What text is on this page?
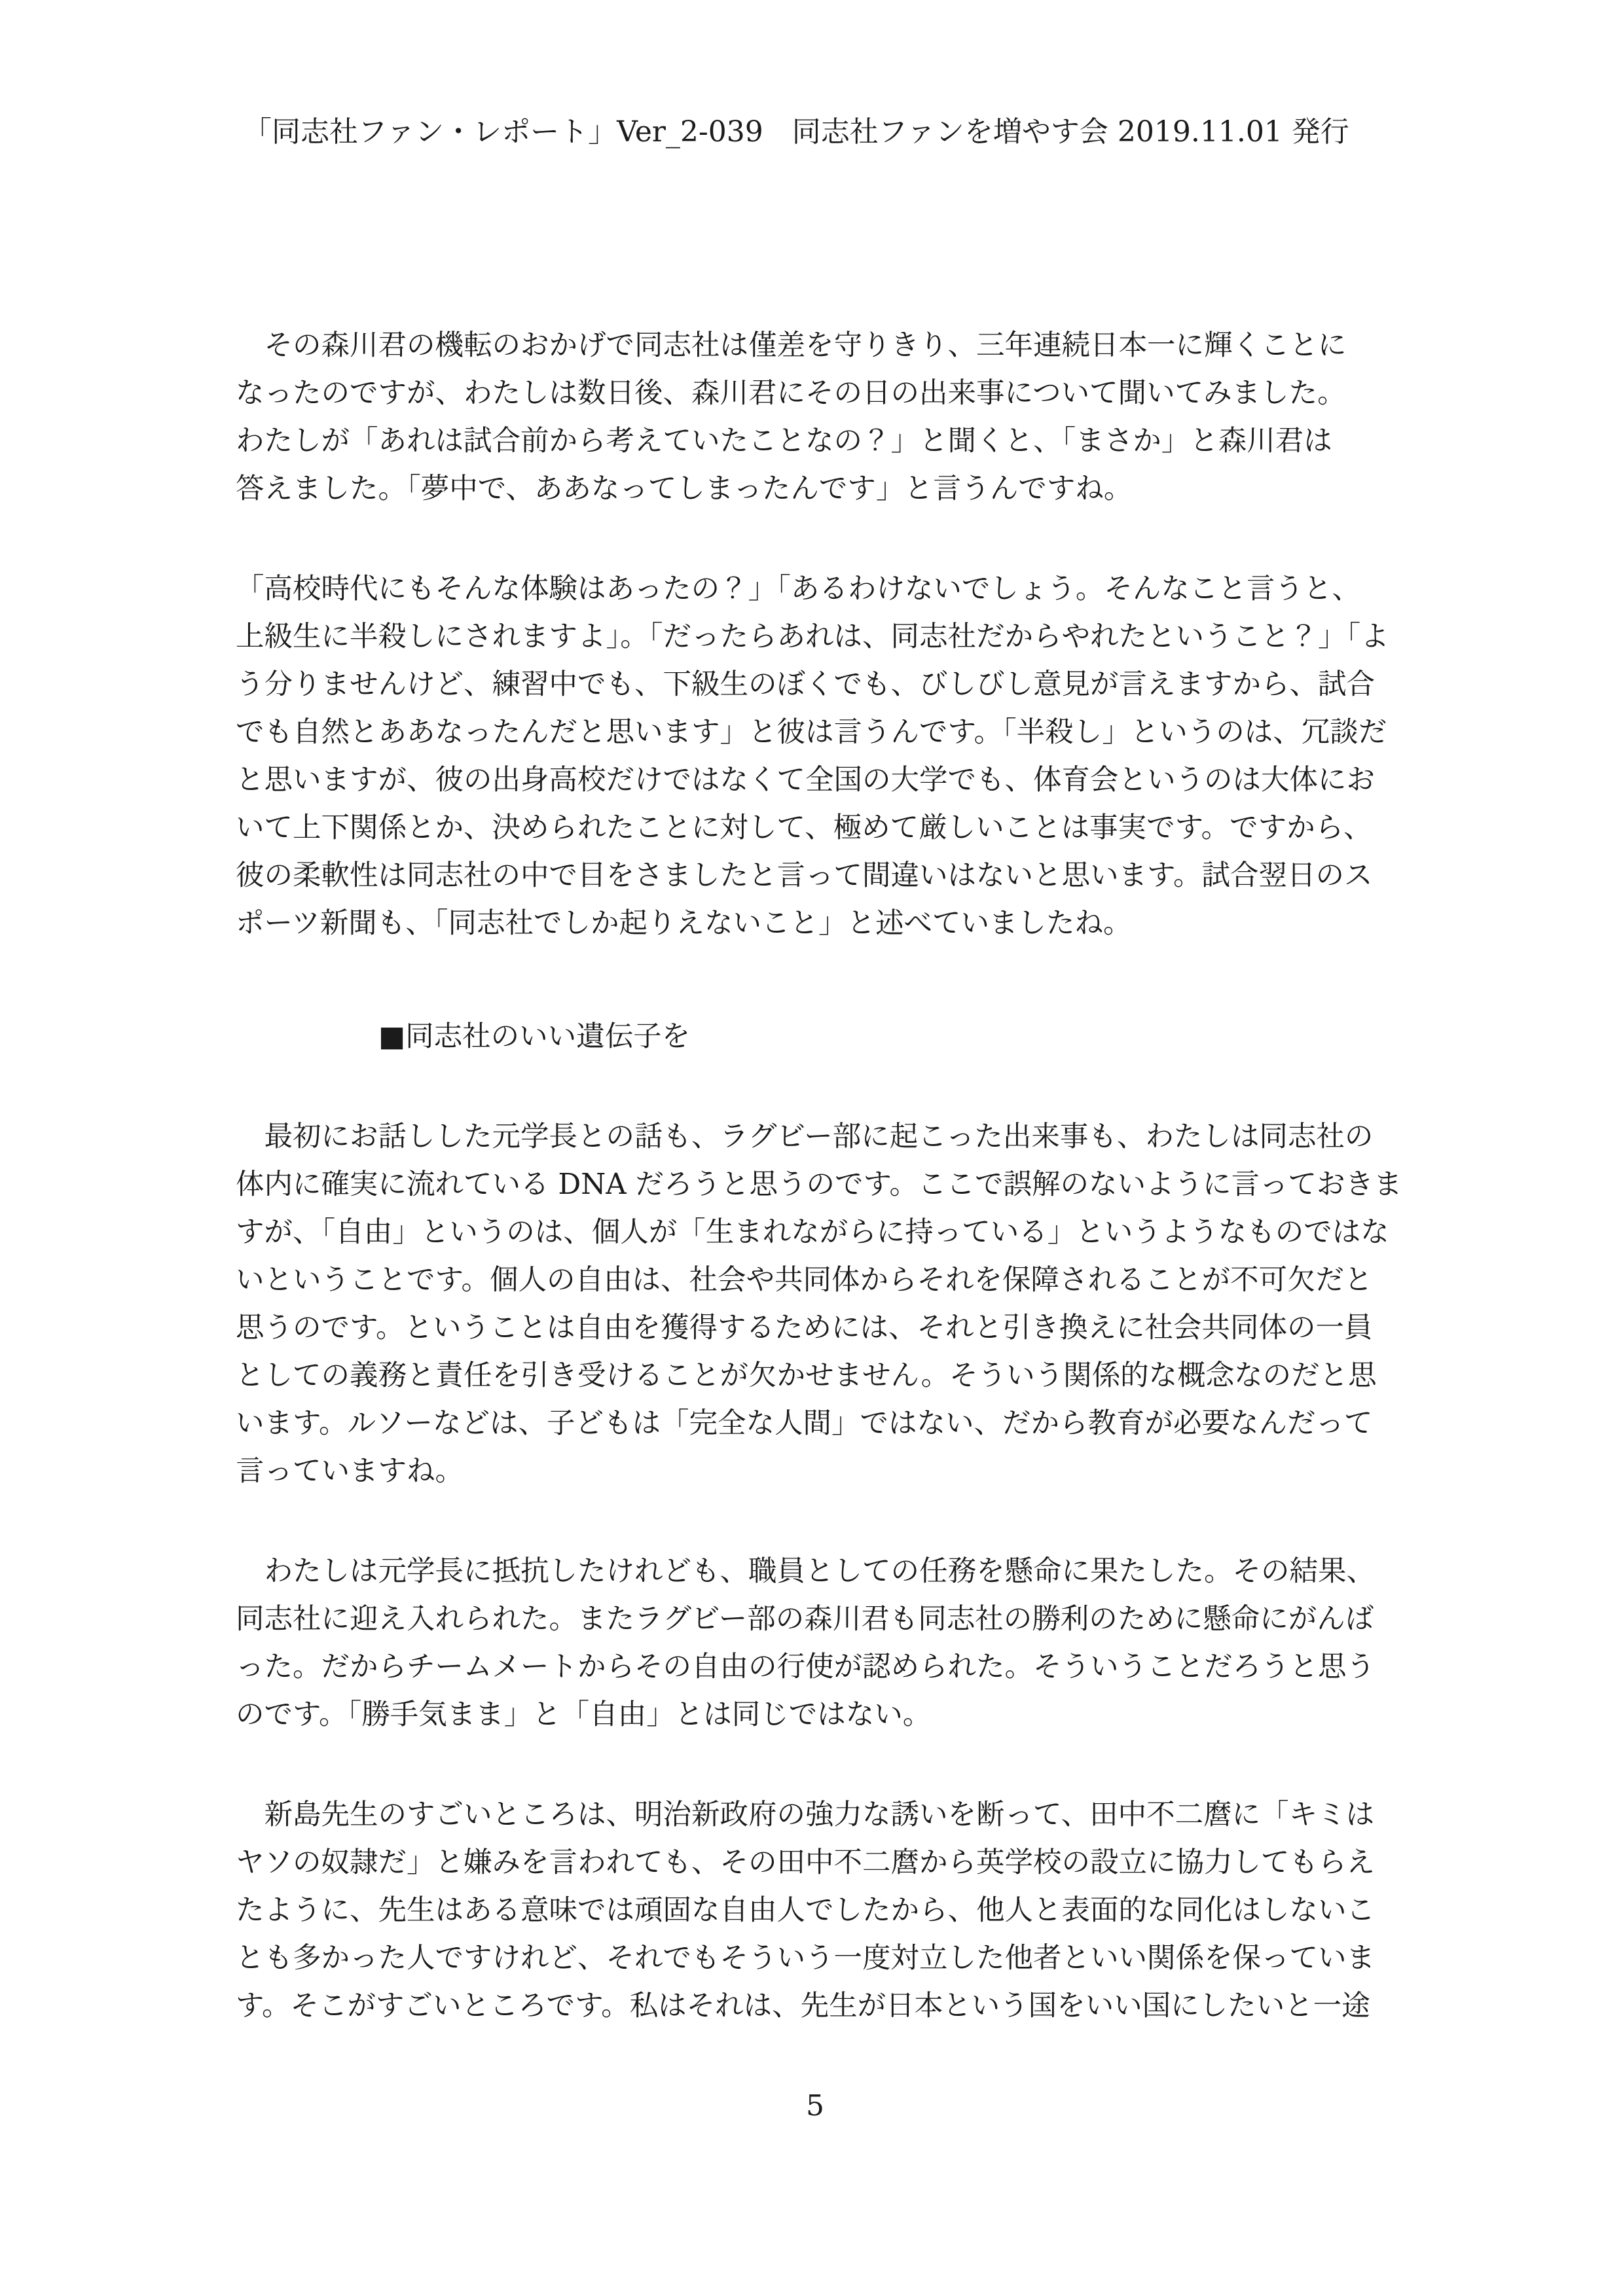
「同志社ファン・レポート」Ver_2-039　同志社ファンを増やす会 2019.11.01 発行
　その森川君の機転のおかげで同志社は僅差を守りきり、三年連続日本一に輝くことに
なったのですが、わたしは数日後、森川君にその日の出来事について聞いてみました。
わたしが「あれは試合前から考えていたことなの？」と聞くと、「まさか」と森川君は
答えました。「夢中で、ああなってしまったんです」と言うんですね。
「高校時代にもそんな体験はあったの？」「あるわけないでしょう。そんなこと言うと、
上級生に半殺しにされますよ」。「だったらあれは、同志社だからやれたということ？」「よ
う分りませんけど、練習中でも、下級生のぼくでも、びしびし意見が言えますから、試合
でも自然とああなったんだと思います」と彼は言うんです。「半殺し」というのは、冗談だ
と思いますが、彼の出身高校だけではなくて全国の大学でも、体育会というのは大体にお
いて上下関係とか、決められたことに対して、極めて厳しいことは事実です。ですから、
彼の柔軟性は同志社の中で目をさましたと言って間違いはないと思います。試合翌日のス
ポーツ新聞も、「同志社でしか起りえないこと」と述べていましたね。
■同志社のいい遺伝子を
　最初にお話しした元学長との話も、ラグビー部に起こった出来事も、わたしは同志社の
体内に確実に流れている DNA だろうと思うのです。ここで誤解のないように言っておきま
すが、「自由」というのは、個人が「生まれながらに持っている」というようなものではな
いということです。個人の自由は、社会や共同体からそれを保障されることが不可欠だと
思うのです。ということは自由を獲得するためには、それと引き換えに社会共同体の一員
としての義務と責任を引き受けることが欠かせません。そういう関係的な概念なのだと思
います。ルソーなどは、子どもは「完全な人間」ではない、だから教育が必要なんだって
言っていますね。
　わたしは元学長に抵抗したけれども、職員としての任務を懸命に果たした。その結果、
同志社に迎え入れられた。またラグビー部の森川君も同志社の勝利のために懸命にがんば
った。だからチームメートからその自由の行使が認められた。そういうことだろうと思う
のです。「勝手気まま」と「自由」とは同じではない。
　新島先生のすごいところは、明治新政府の強力な誘いを断って、田中不二麿に「キミは
ヤソの奴隷だ」と嫌みを言われても、その田中不二麿から英学校の設立に協力してもらえ
たように、先生はある意味では頑固な自由人でしたから、他人と表面的な同化はしないこ
とも多かった人ですけれど、それでもそういう一度対立した他者といい関係を保っていま
す。そこがすごいところです。私はそれは、先生が日本という国をいい国にしたいと一途
5
